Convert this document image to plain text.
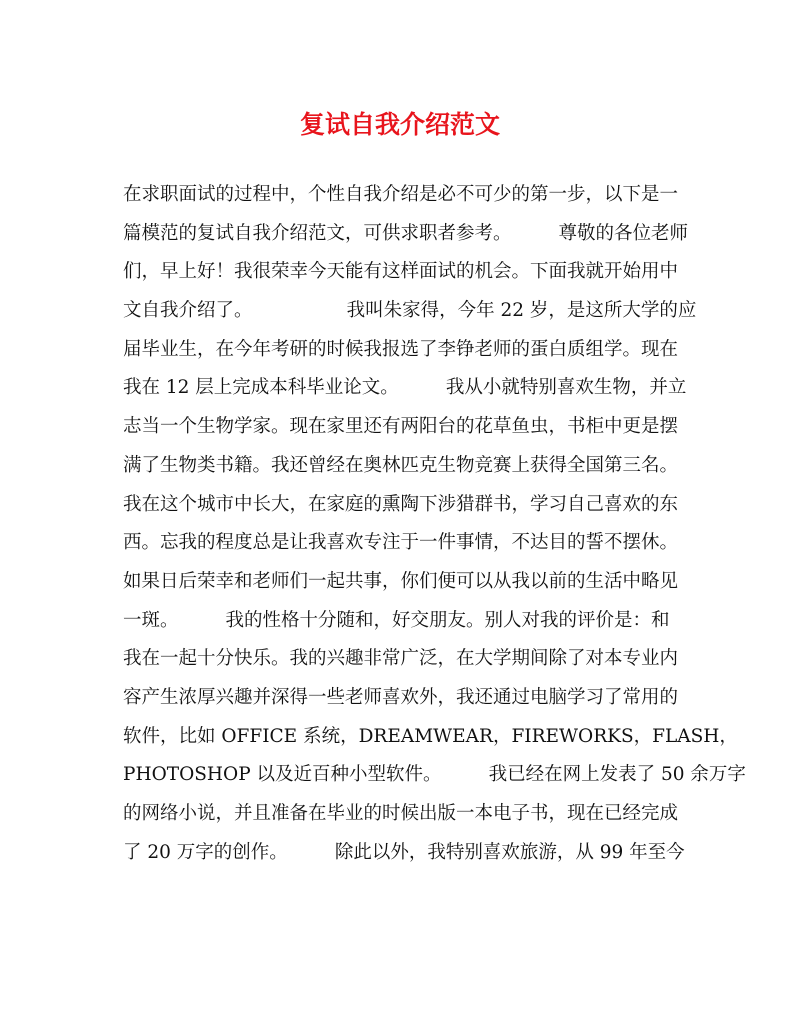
复试自我介绍范文
在求职面试的过程中，个性自我介绍是必不可少的第一步，以下是一
篇模范的复试自我介绍范文，可供求职者参考。        尊敬的各位老师
们，早上好！我很荣幸今天能有这样面试的机会。下面我就开始用中
文自我介绍了。                我叫朱家得，今年 22 岁，是这所大学的应
届毕业生，在今年考研的时候我报选了李铮老师的蛋白质组学。现在
我在 12 层上完成本科毕业论文。        我从小就特别喜欢生物，并立
志当一个生物学家。现在家里还有两阳台的花草鱼虫，书柜中更是摆
满了生物类书籍。我还曾经在奥林匹克生物竞赛上获得全国第三名。
我在这个城市中长大，在家庭的熏陶下涉猎群书，学习自己喜欢的东
西。忘我的程度总是让我喜欢专注于一件事情，不达目的誓不摆休。
如果日后荣幸和老师们一起共事，你们便可以从我以前的生活中略见
一斑。        我的性格十分随和，好交朋友。别人对我的评价是：和
我在一起十分快乐。我的兴趣非常广泛，在大学期间除了对本专业内
容产生浓厚兴趣并深得一些老师喜欢外，我还通过电脑学习了常用的
软件，比如 OFFICE 系统，DREAMWEAR，FIREWORKS，FLASH，
PHOTOSHOP 以及近百种小型软件。        我已经在网上发表了 50 余万字
的网络小说，并且准备在毕业的时候出版一本电子书，现在已经完成
了 20 万字的创作。        除此以外，我特别喜欢旅游，从 99 年至今
